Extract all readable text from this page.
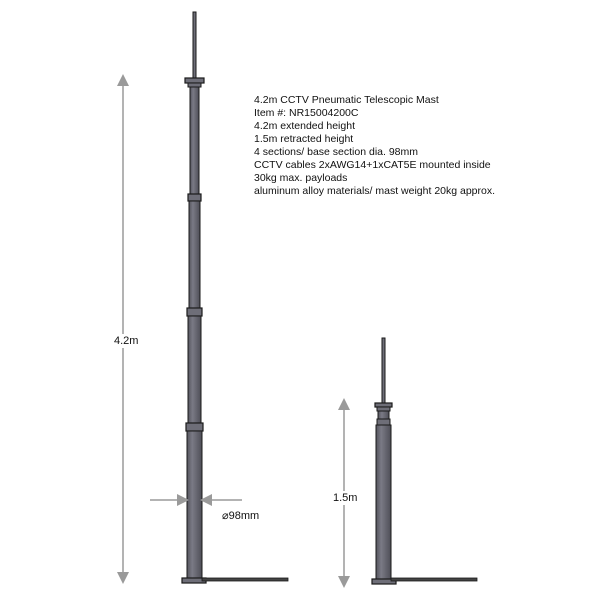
4.2m CCTV Pneumatic Telescopic Mast
Item #: NR15004200C
4.2m extended height
1.5m retracted height
4 sections/ base section dia. 98mm
CCTV cables 2xAWG14+1xCAT5E mounted inside
30kg max. payloads
aluminum alloy materials/ mast weight 20kg approx.
4.2m
1.5m
⌀98mm
